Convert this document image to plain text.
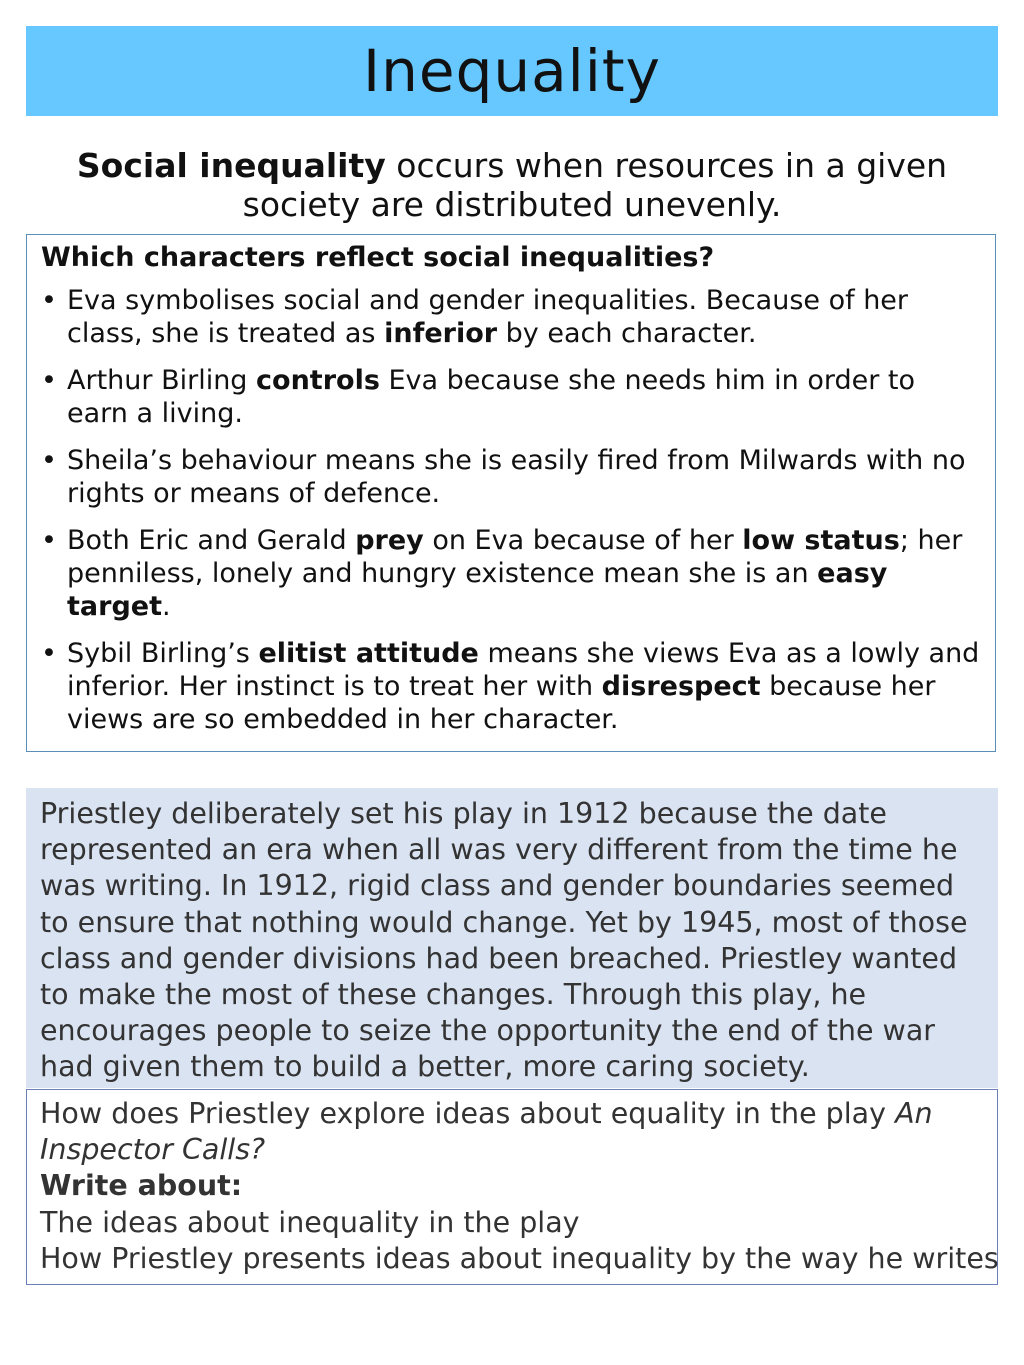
Inequality
Social inequality occurs when resources in a given society are distributed unevenly.
Which characters reflect social inequalities?
• Eva symbolises social and gender inequalities. Because of her class, she is treated as inferior by each character.
• Arthur Birling controls Eva because she needs him in order to earn a living.
• Sheila’s behaviour means she is easily fired from Milwards with no rights or means of defence.
• Both Eric and Gerald prey on Eva because of her low status; her penniless, lonely and hungry existence mean she is an easy target.
• Sybil Birling’s elitist attitude means she views Eva as a lowly and inferior. Her instinct is to treat her with disrespect because her views are so embedded in her character.
Priestley deliberately set his play in 1912 because the date represented an era when all was very different from the time he was writing. In 1912, rigid class and gender boundaries seemed to ensure that nothing would change. Yet by 1945, most of those class and gender divisions had been breached. Priestley wanted to make the most of these changes. Through this play, he encourages people to seize the opportunity the end of the war had given them to build a better, more caring society.
How does Priestley explore ideas about equality in the play An
Inspector Calls?
Write about:
The ideas about inequality in the play
How Priestley presents ideas about inequality by the way he writes
